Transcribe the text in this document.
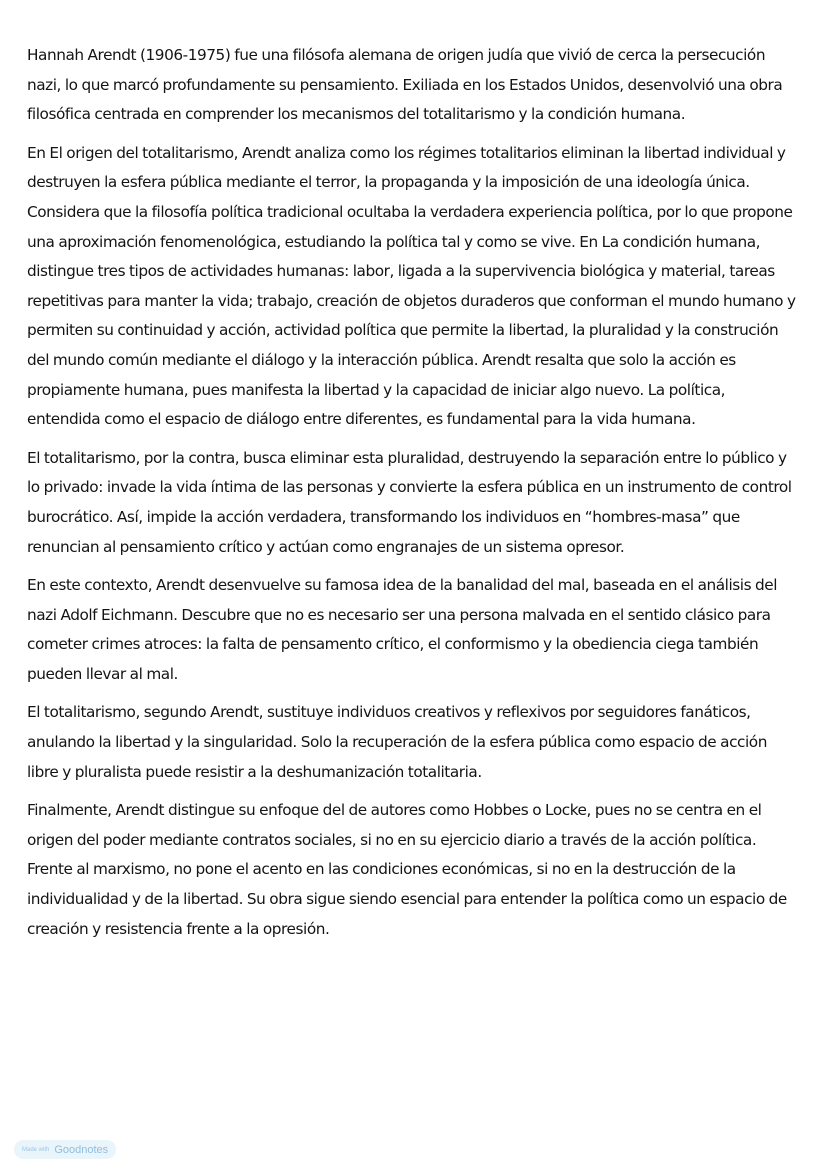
Hannah Arendt (1906-1975) fue una filósofa alemana de origen judía que vivió de cerca la persecución nazi, lo que marcó profundamente su pensamiento. Exiliada en los Estados Unidos, desenvolvió una obra filosófica centrada en comprender los mecanismos del totalitarismo y la condición humana.

En El origen del totalitarismo, Arendt analiza como los régimes totalitarios eliminan la libertad individual y destruyen la esfera pública mediante el terror, la propaganda y la imposición de una ideología única. Considera que la filosofía política tradicional ocultaba la verdadera experiencia política, por lo que propone una aproximación fenomenológica, estudiando la política tal y como se vive. En La condición humana, distingue tres tipos de actividades humanas: labor, ligada a la supervivencia biológica y material, tareas repetitivas para manter la vida; trabajo, creación de objetos duraderos que conforman el mundo humano y permiten su continuidad y acción, actividad política que permite la libertad, la pluralidad y la construción del mundo común mediante el diálogo y la interacción pública. Arendt resalta que solo la acción es propiamente humana, pues manifesta la libertad y la capacidad de iniciar algo nuevo. La política, entendida como el espacio de diálogo entre diferentes, es fundamental para la vida humana.

El totalitarismo, por la contra, busca eliminar esta pluralidad, destruyendo la separación entre lo público y lo privado: invade la vida íntima de las personas y convierte la esfera pública en un instrumento de control burocrático. Así, impide la acción verdadera, transformando los individuos en “hombres-masa” que renuncian al pensamiento crítico y actúan como engranajes de un sistema opresor.

En este contexto, Arendt desenvuelve su famosa idea de la banalidad del mal, baseada en el análisis del nazi Adolf Eichmann. Descubre que no es necesario ser una persona malvada en el sentido clásico para cometer crimes atroces: la falta de pensamento crítico, el conformismo y la obediencia ciega también pueden llevar al mal.

El totalitarismo, segundo Arendt, sustituye individuos creativos y reflexivos por seguidores fanáticos, anulando la libertad y la singularidad. Solo la recuperación de la esfera pública como espacio de acción libre y pluralista puede resistir a la deshumanización totalitaria.

Finalmente, Arendt distingue su enfoque del de autores como Hobbes o Locke, pues no se centra en el origen del poder mediante contratos sociales, si no en su ejercicio diario a través de la acción política. Frente al marxismo, no pone el acento en las condiciones económicas, si no en la destrucción de la individualidad y de la libertad. Su obra sigue siendo esencial para entender la política como un espacio de creación y resistencia frente a la opresión.

Made with Goodnotes
